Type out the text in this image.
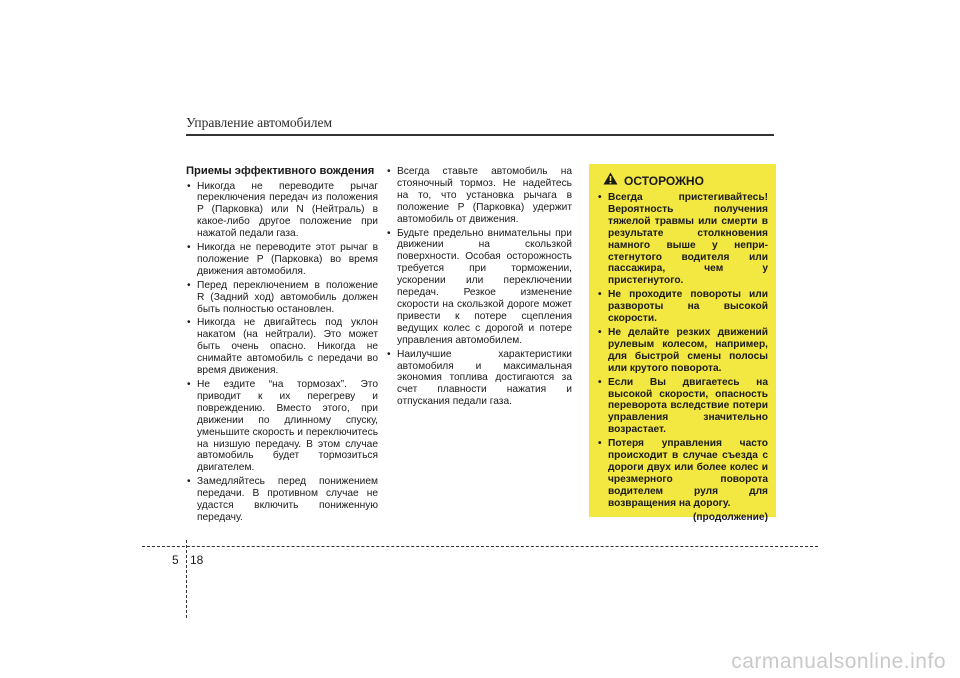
Управление автомобилем
Приемы эффективного вождения
• Никогда не переводите рычаг переключения передач из положения P (Парковка) или N (Нейтраль) в какое-либо другое положение при нажатой педали газа.
• Никогда не переводите этот рычаг в положение P (Парковка) во время движения автомобиля.
• Перед переключением в положение R (Задний ход) автомобиль должен быть полностью остановлен.
• Никогда не двигайтесь под уклон накатом (на нейтрали). Это может быть очень опасно. Никогда не снимайте автомобиль с передачи во время движения.
• Не ездите “на тормозах”. Это приводит к их перегреву и повреждению. Вместо этого, при движении по длинному спуску, уменьшите скорость и переключитесь на низшую передачу. В этом случае автомобиль будет тормозиться двигателем.
• Замедляйтесь перед понижением передачи. В противном случае не удастся включить пониженную передачу.
• Всегда ставьте автомобиль на стояночный тормоз. Не надейтесь на то, что установка рычага в положение P (Парковка) удержит автомобиль от движения.
• Будьте предельно внимательны при движении на скользкой поверхности. Особая осторожность требуется при торможении, ускорении или переключении передач. Резкое изменение скорости на скользкой дороге может привести к потере сцепления ведущих колес с дорогой и потере управления автомобилем.
• Наилучшие характеристики автомобиля и максимальная экономия топлива достигаются за счет плавности нажатия и отпускания педали газа.
ОСТОРОЖНО
• Всегда пристегивайтесь! Вероятность получения тяжелой травмы или смерти в результате столкновения намного выше у непри-стегнутого водителя или пассажира, чем у пристегнутого.
• Не проходите повороты или развороты на высокой скорости.
• Не делайте резких движений рулевым колесом, например, для быстрой смены полосы или крутого поворота.
• Если Вы двигаетесь на высокой скорости, опасность переворота вследствие потери управления значительно возрастает.
• Потеря управления часто происходит в случае съезда с дороги двух или более колес и чрезмерного поворота водителем руля для возвращения на дорогу.
(продолжение)
5 18
carmanualsonline.info
